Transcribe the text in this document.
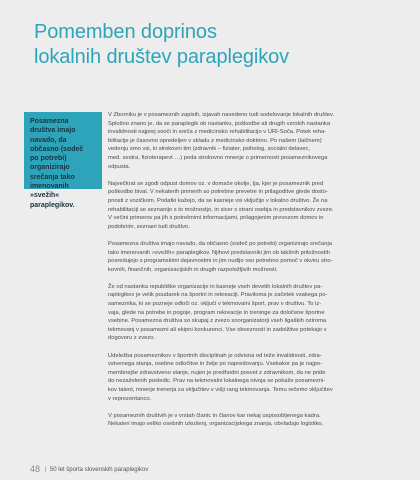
Pomemben doprinos
lokalnih društev paraplegikov

Posamezna
društva imajo
navado, da
občasno (sodeč
po potrebi)
organizirajo
srečanja tako
imenovanih
»svežih«
paraplegikov.

V Zborniku je v posameznih zapisih, izjavah navedeno tudi sodelovanje lokalnih društev.
Splošno znano je, da se paraplegik ob nastanku, poškodbe ali drugih vzrokih nastanka
invalidnosti najprej sooči in sreča z medicinsko rehabilitacijo v URI-Soča. Potek reha-
bilitacije je časovno opredeljen v skladu z medicinsko doktrino. Po našem (laičnem)
vedenju smo vsi, ki strokovni tim (zdravnik – fiziater, psiholog, socialni delavec,
med. sestra, fizioterapevt …) poda strokovno mnenje o primernosti posameznikovega
odpusta.

Največkrat se zgodi odpust domov oz. v domače okolje, tja, kjer je posameznik pred
poškodbo bival. V nekaterih primerih so potrebne prevetre in prilagoditve glede dosto-
pnosti z vozičkom. Podatki kažejo, da se kasneje vsi vključijo v lokalno društvo. Že na
rehabilitaciji se seznanijo s to možnostjo, in sicer s strani osebja in predstavnikov zveze.
V večini primerov pa jih s potrebnimi informacijami, prilagojenim prevozom domov in
podobnim, seznani tudi društvo.

Posamezna društva imajo navado, da občasno (sodeč po potrebi) organizirajo srečanja
tako imenovanih »svežih« paraplegikov. Njihovi predstavniki jim ob takšnih priložnostih
posredujejo s programskimi dejavnostmi in jim nudijo vso potrebno pomoč v okviru stro-
kovnih, finančnih, organizacijskih in drugih razpoložljivih možnosti.

Že od nastanka republiške organizacije in kasneje vseh devetih lokalnih društev pa-
raplegikov je velik poudarek na športni in rekreaciji. Pravilomа je začetek vsakega po-
sameznika, ki se pozneje odloči oz. vključi v tekmovalni šport, prav v društvu. To iz-
vaja, glede na potrebe in pogoje, program rekreacije in treninge za določene športne
vsebine. Posamezna društva so skupaj z zvezo soorganizatorji vseh ligaških oziroma
tekmovanj v posamezni ali ekipni konkurenci. Vse obveznosti in zadolžitve potekajo v
dogovoru z zvezo.

Udeležba posameznikov v športnih disciplinah je odvisna od teže invalidnosti, zdra-
vstvenega stanja, osebne odločitve in želje po napredovanju. Vsekakor pa je najpo-
membnejše zdravstveno stanje, nujen je predhodni posvet z zdravnikom, da ne pride
do nezaželenih posledic. Prav na tekmovalni lokalnega nivoja se pokaže posamezni-
kov talent, mnenje trenerja za vključitev v višji rang tekmovanja. Temu rečemo vključitev
v reprezentanco.

V posameznih društvih je v vrstah članic in članov kar nekaj usposobljenega kadra.
Nekateri imajo veliko osebnih izkušenj, organizacijskega znanja, obvladajo logistiko,

48 | 50 let športa slovenskih paraplegikov
